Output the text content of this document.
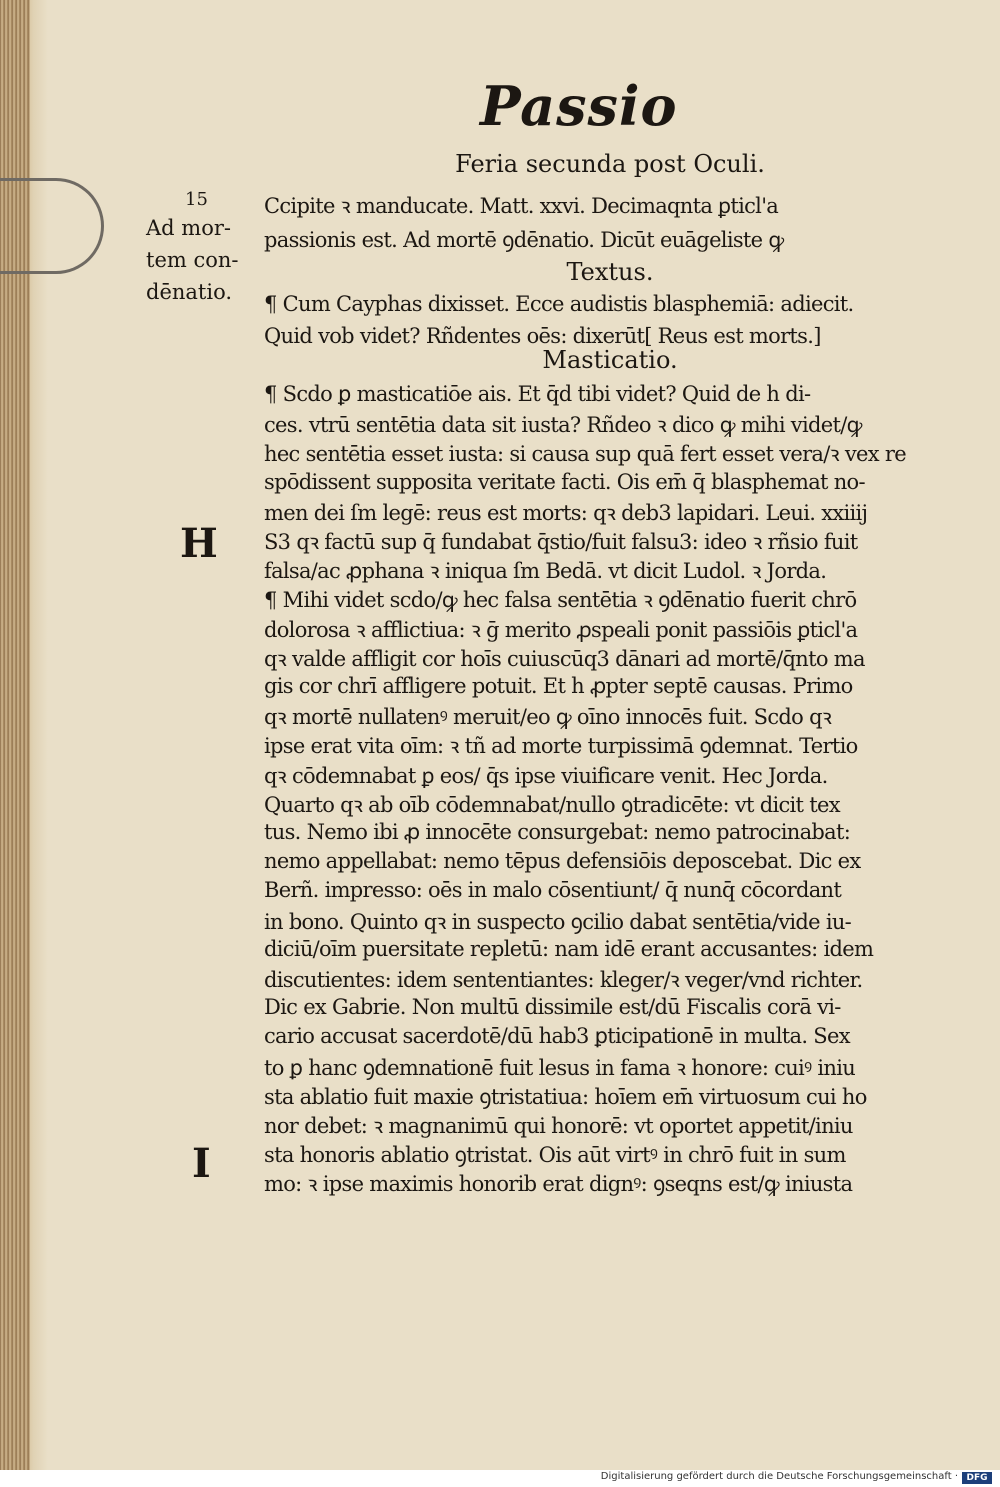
Passio
Feria secunda post Oculi.
15
Ad mor-
tem con-
dēnatio.
Ccipite ꝛ manducate. Matt. xxvi. Decimaqnta ꝑticl'a
passionis est. Ad mortē ꝯdēnatio. Dicūt euāgeliste ꝙ
Textus.
¶ Cum Cayphas dixisset. Ecce audistis blasphemiā: adiecit.
Quid vob videt? Rñdentes oēs: dixerūt[ Reus est morts.]
Masticatio.
¶ Scdo ꝑ masticatiōe ais. Et q̄d tibi videt? Quid de h̄ di-
ces. vtrū sentētia data sit iusta? Rñdeo ꝛ dico ꝙ mihi videt/ꝙ
hec sentētia esset iusta: si causa sup quā fert esset vera/ꝛ vex re
spōdissent supposita veritate facti. Ois em̄ q̄ blasphemat no-
men dei ſm legē: reus est morts: qꝛ deb3 lapidari. Leui. xxiiij
S3 qꝛ factū sup q̄ fundabat q̄stio/fuit falsu3: ideo ꝛ rñsio fuit
falsa/ac ꝓphana ꝛ iniqua ſm Bedā. vt dicit Ludol. ꝛ Jorda.
¶ Mihi videt scdo/ꝙ hec falsa sentētia ꝛ ꝯdēnatio fuerit chrō
dolorosa ꝛ afflictiua: ꝛ ḡ merito ꝓspeali ponit passiōis ꝑticl'a
qꝛ valde affligit cor hoīs cuiuscūq3 dānari ad mortē/q̄nto ma
gis cor chrī affligere potuit. Et h̄ ꝓpter septē causas. Primo
qꝛ mortē nullatenꝰ meruit/eo ꝙ oīno innocēs fuit. Scdo qꝛ
ipse erat vita oīm: ꝛ tñ ad morte turpissimā ꝯdemnat. Tertio
qꝛ cōdemnabat ꝑ eos/ q̄s ipse viuificare venit. Hec Jorda.
Quarto qꝛ ab oīb cōdemnabat/nullo ꝯtradicēte: vt dicit tex
tus. Nemo ibi ꝓ innocēte consurgebat: nemo patrocinabat:
nemo appellabat: nemo tēpus defensiōis deposcebat. Dic ex
Berñ. impresso: oēs in malo cōsentiunt/ q̄ nunq̄ cōcordant
in bono. Quinto qꝛ in suspecto ꝯcilio dabat sentētia/vide iu-
diciū/oīm puersitate repletū: nam idē erant accusantes: idem
discutientes: idem sententiantes: kleger/ꝛ veger/vnd richter.
Dic ex Gabrie. Non multū dissimile est/dū Fiscalis corā vi-
cario accusat sacerdotē/dū hab3 ꝑticipationē in multa. Sex
to ꝑ hanc ꝯdemnationē fuit lesus in fama ꝛ honore: cuiꝰ iniu
sta ablatio fuit maxie ꝯtristatiua: hoīem em̄ virtuosum cui ho
nor debet: ꝛ magnanimū qui honorē: vt oportet appetit/iniu
sta honoris ablatio ꝯtristat. Ois aūt virtꝰ in chrō fuit in sum
mo: ꝛ ipse maximis honorib erat dignꝰ: ꝯseqns est/ꝙ iniusta
H
I
Digitalisierung gefördert durch die Deutsche Forschungsgemeinschaft · DFG
